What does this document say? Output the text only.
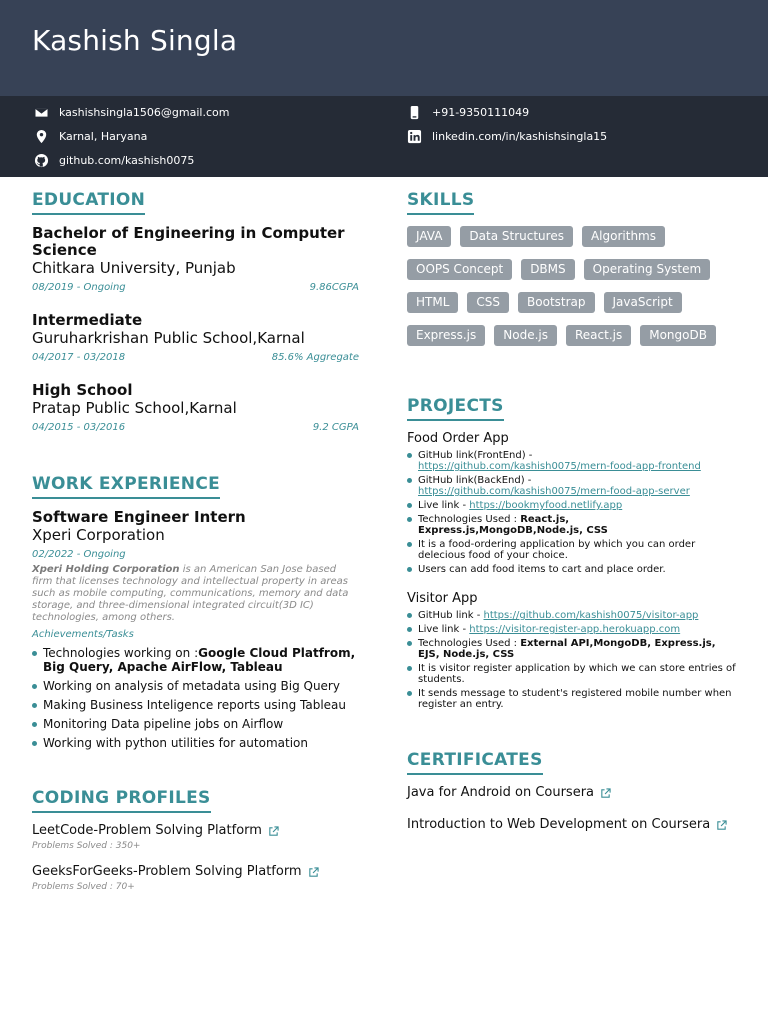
Kashish Singla
kashishsingla1506@gmail.com	+91-9350111049
Karnal, Haryana	linkedin.com/in/kashishsingla15
github.com/kashish0075
EDUCATION
Bachelor of Engineering in Computer Science
Chitkara University, Punjab
08/2019 - Ongoing	9.86CGPA
Intermediate
Guruharkrishan Public School,Karnal
04/2017 - 03/2018	85.6% Aggregate
High School
Pratap Public School,Karnal
04/2015 - 03/2016	9.2 CGPA
WORK EXPERIENCE
Software Engineer Intern
Xperi Corporation
02/2022 - Ongoing
Xperi Holding Corporation is an American San Jose based firm that licenses technology and intellectual property in areas such as mobile computing, communications, memory and data storage, and three-dimensional integrated circuit(3D IC) technologies, among others.
Achievements/Tasks
Technologies working on :Google Cloud Platfrom, Big Query, Apache AirFlow, Tableau
Working on analysis of metadata using Big Query
Making Business Inteligence reports using Tableau
Monitoring Data pipeline jobs on Airflow
Working with python utilities for automation
CODING PROFILES
LeetCode-Problem Solving Platform
Problems Solved : 350+
GeeksForGeeks-Problem Solving Platform
Problems Solved : 70+
SKILLS
JAVA	Data Structures	Algorithms
OOPS Concept	DBMS	Operating System
HTML	CSS	Bootstrap	JavaScript
Express.js	Node.js	React.js	MongoDB
PROJECTS
Food Order App
GitHub link(FrontEnd) -
https://github.com/kashish0075/mern-food-app-frontend
GitHub link(BackEnd) -
https://github.com/kashish0075/mern-food-app-server
Live link - https://bookmyfood.netlify.app
Technologies Used : React.js, Express.js,MongoDB,Node.js, CSS
It is a food-ordering application by which you can order delecious food of your choice.
Users can add food items to cart and place order.
Visitor App
GitHub link - https://github.com/kashish0075/visitor-app
Live link - https://visitor-register-app.herokuapp.com
Technologies Used : External API,MongoDB, Express.js, EJS, Node.js, CSS
It is visitor register application by which we can store entries of students.
It sends message to student's registered mobile number when register an entry.
CERTIFICATES
Java for Android on Coursera
Introduction to Web Development on Coursera
